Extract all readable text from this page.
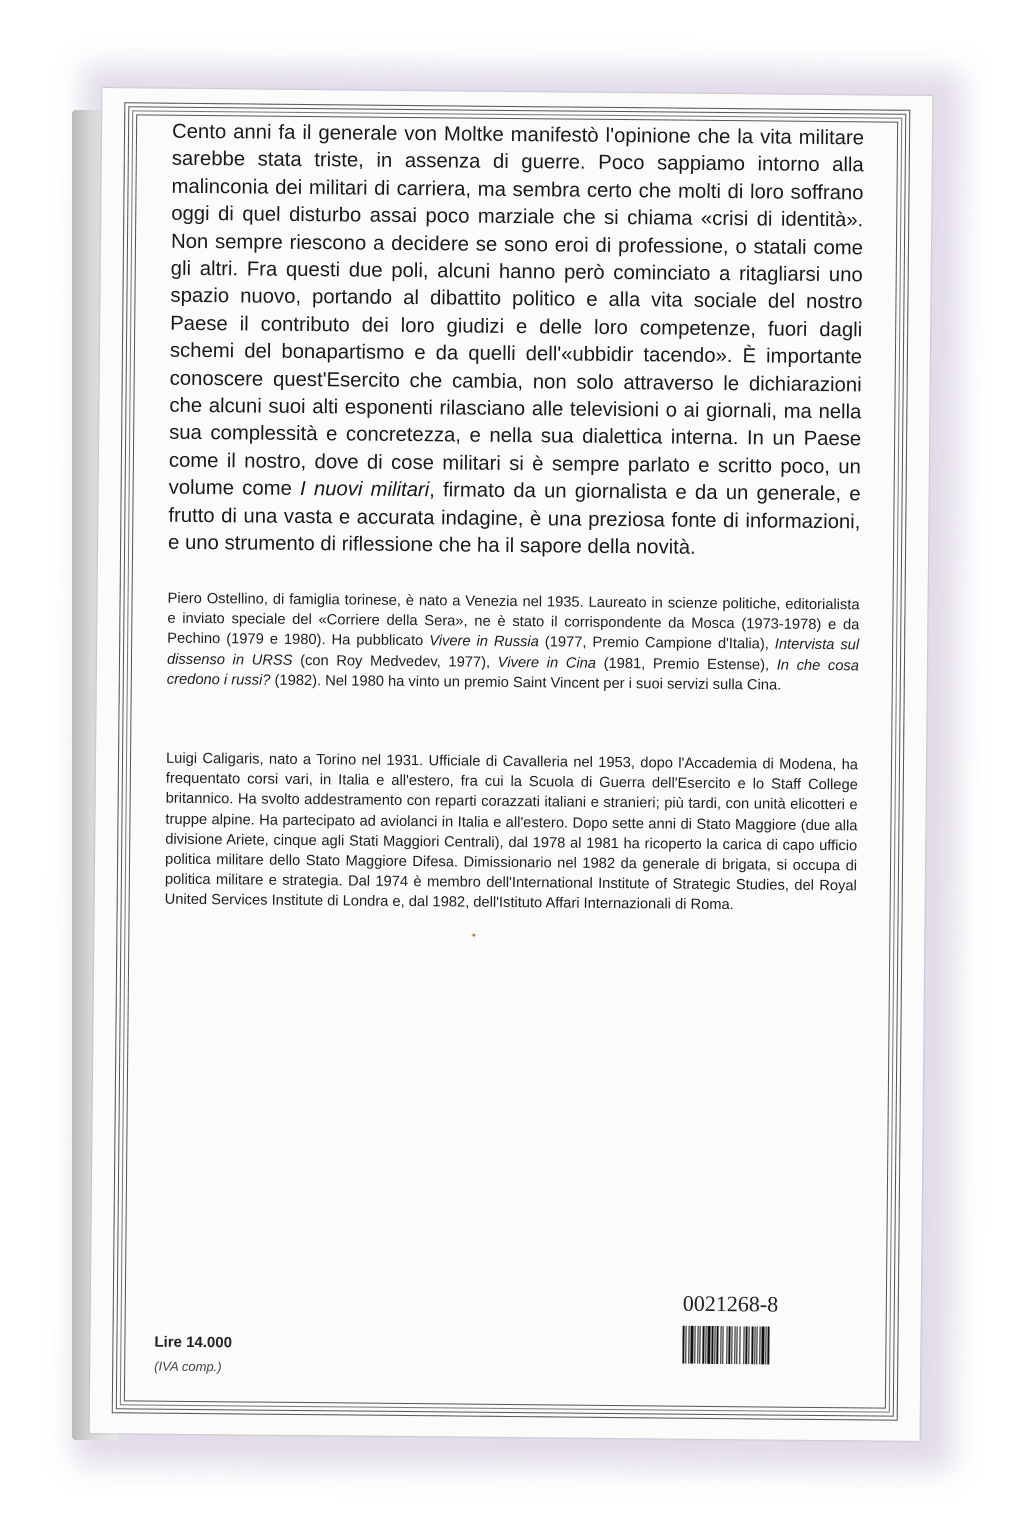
Cento anni fa il generale von Moltke manifestò l'opinione che la vita militare sarebbe stata triste, in assenza di guerre. Poco sappiamo intorno alla malinconia dei militari di carriera, ma sembra certo che molti di loro soffrano oggi di quel disturbo assai poco marziale che si chiama «crisi di identità». Non sempre riescono a decidere se sono eroi di professione, o statali come gli altri. Fra questi due poli, alcuni hanno però cominciato a ritagliarsi uno spazio nuovo, portando al dibattito politico e alla vita sociale del nostro Paese il contributo dei loro giudizi e delle loro competenze, fuori dagli schemi del bonapartismo e da quelli dell'«ubbidir tacendo». È importante conoscere quest'Esercito che cambia, non solo attraverso le dichiarazioni che alcuni suoi alti esponenti rilasciano alle televisioni o ai giornali, ma nella sua complessità e concretezza, e nella sua dialettica interna. In un Paese come il nostro, dove di cose militari si è sempre parlato e scritto poco, un volume come I nuovi militari, firmato da un giornalista e da un generale, e frutto di una vasta e accurata indagine, è una preziosa fonte di informazioni, e uno strumento di riflessione che ha il sapore della novità.

Piero Ostellino, di famiglia torinese, è nato a Venezia nel 1935. Laureato in scienze politiche, editorialista e inviato speciale del «Corriere della Sera», ne è stato il corrispondente da Mosca (1973-1978) e da Pechino (1979 e 1980). Ha pubblicato Vivere in Russia (1977, Premio Campione d'Italia), Intervista sul dissenso in URSS (con Roy Medvedev, 1977), Vivere in Cina (1981, Premio Estense), In che cosa credono i russi? (1982). Nel 1980 ha vinto un premio Saint Vincent per i suoi servizi sulla Cina.

Luigi Caligaris, nato a Torino nel 1931. Ufficiale di Cavalleria nel 1953, dopo l'Accademia di Modena, ha frequentato corsi vari, in Italia e all'estero, fra cui la Scuola di Guerra dell'Esercito e lo Staff College britannico. Ha svolto addestramento con reparti corazzati italiani e stranieri; più tardi, con unità elicotteri e truppe alpine. Ha partecipato ad aviolanci in Italia e all'estero. Dopo sette anni di Stato Maggiore (due alla divisione Ariete, cinque agli Stati Maggiori Centrali), dal 1978 al 1981 ha ricoperto la carica di capo ufficio politica militare dello Stato Maggiore Difesa. Dimissionario nel 1982 da generale di brigata, si occupa di politica militare e strategia. Dal 1974 è membro dell'International Institute of Strategic Studies, del Royal United Services Institute di Londra e, dal 1982, dell'Istituto Affari Internazionali di Roma.

Lire 14.000
(IVA comp.)
0021268-8
